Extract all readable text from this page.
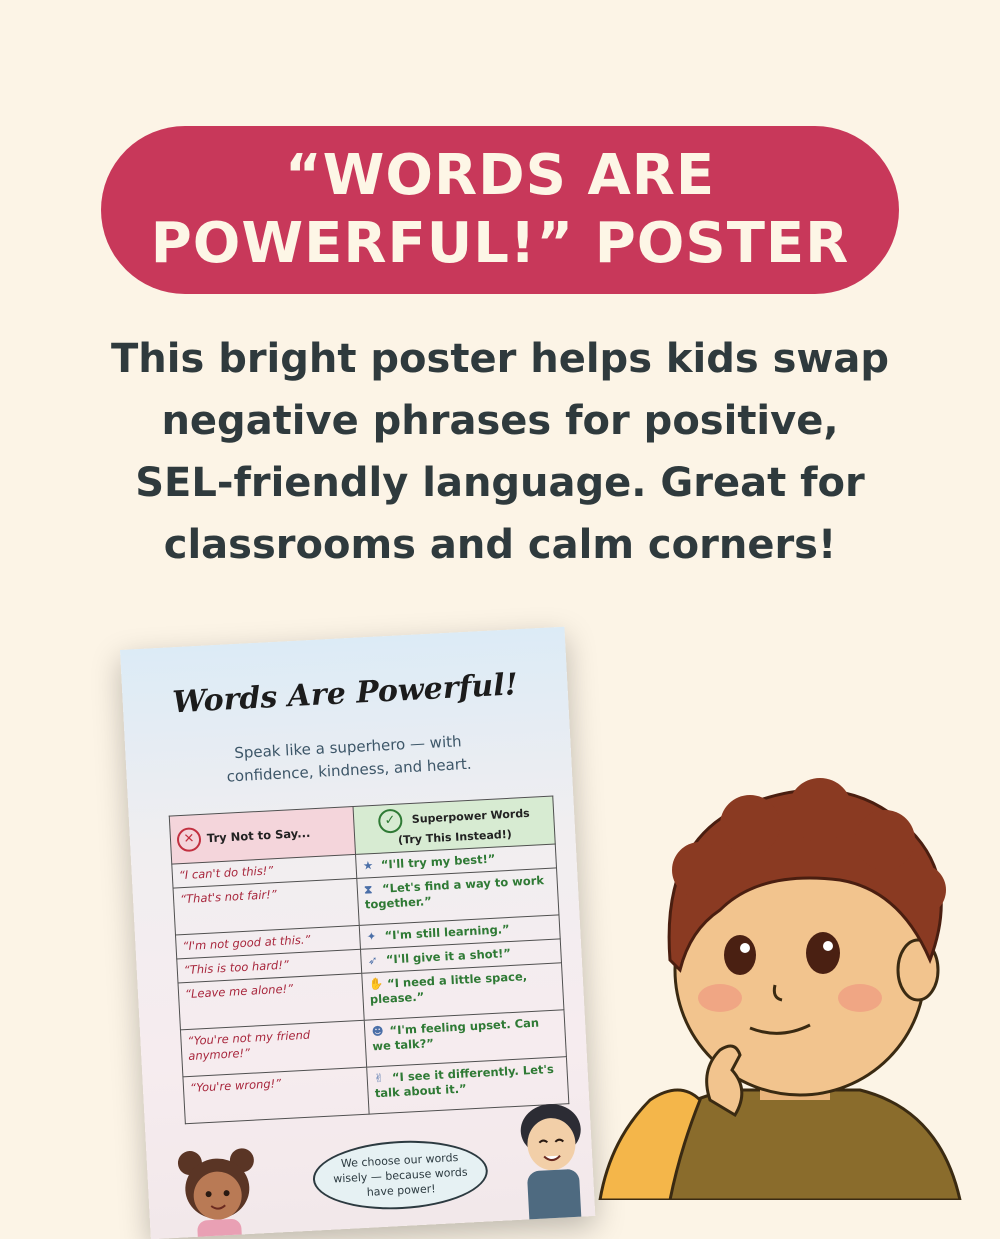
“WORDS ARE
POWERFUL!” POSTER
This bright poster helps kids swap
negative phrases for positive,
SEL-friendly language. Great for
classrooms and calm corners!
Words Are Powerful!
Speak like a superhero — with
confidence, kindness, and heart.
✕ Try Not to Say...	✓ Superpower Words
(Try This Instead!)
“I can't do this!”	★ “I'll try my best!”
“That's not fair!”	⧗ “Let's find a way to work together.”
“I'm not good at this.”	✦ “I'm still learning.”
“This is too hard!”	➶ “I'll give it a shot!”
“Leave me alone!”	✋ “I need a little space, please.”
“You're not my friend anymore!”	☻ “I'm feeling upset. Can we talk?”
“You're wrong!”	✌ “I see it differently. Let's talk about it.”
We choose our words
wisely — because words
have power!
